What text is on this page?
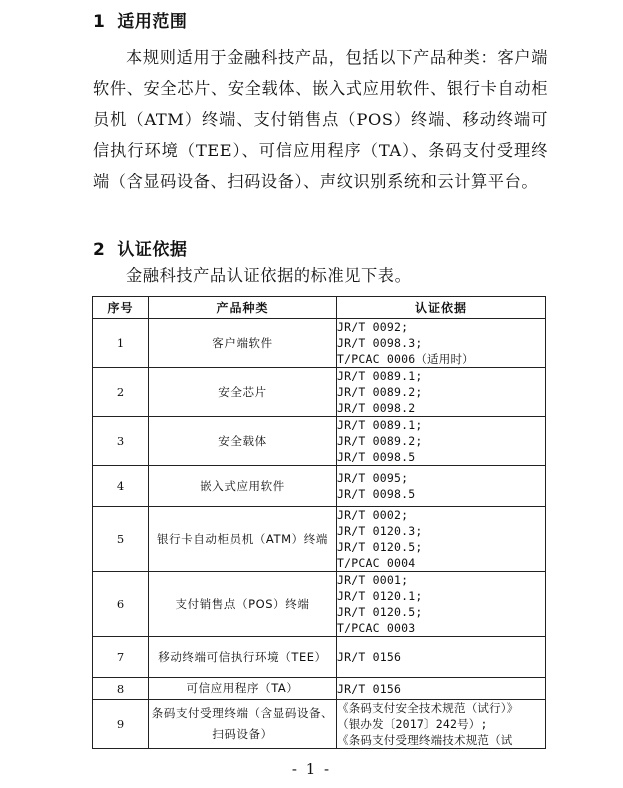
1 适用范围

本规则适用于金融科技产品，包括以下产品种类：客户端软件、安全芯片、安全载体、嵌入式应用软件、银行卡自动柜员机（ATM）终端、支付销售点（POS）终端、移动终端可信执行环境（TEE）、可信应用程序（TA）、条码支付受理终端（含显码设备、扫码设备）、声纹识别系统和云计算平台。

2 认证依据
金融科技产品认证依据的标准见下表。
序号	产品种类	认证依据
1	客户端软件	JR/T 0092;
JR/T 0098.3;
T/PCAC 0006（适用时）

2	安全芯片	JR/T 0089.1;
JR/T 0089.2;
JR/T 0098.2

3	安全载体	JR/T 0089.1;
JR/T 0089.2;
JR/T 0098.5

4	嵌入式应用软件	JR/T 0095;
JR/T 0098.5

5	银行卡自动柜员机（ATM）终端	JR/T 0002;
JR/T 0120.3;
JR/T 0120.5;
T/PCAC 0004

6	支付销售点（POS）终端	JR/T 0001;
JR/T 0120.1;
JR/T 0120.5;
T/PCAC 0003

7	移动终端可信执行环境（TEE）	JR/T 0156

8	可信应用程序（TA）	JR/T 0156

9	条码支付受理终端（含显码设备、扫码设备）	《条码支付安全技术规范（试行）》
（银办发〔2017〕242号）;
《条码支付受理终端技术规范（试
- 1 -
